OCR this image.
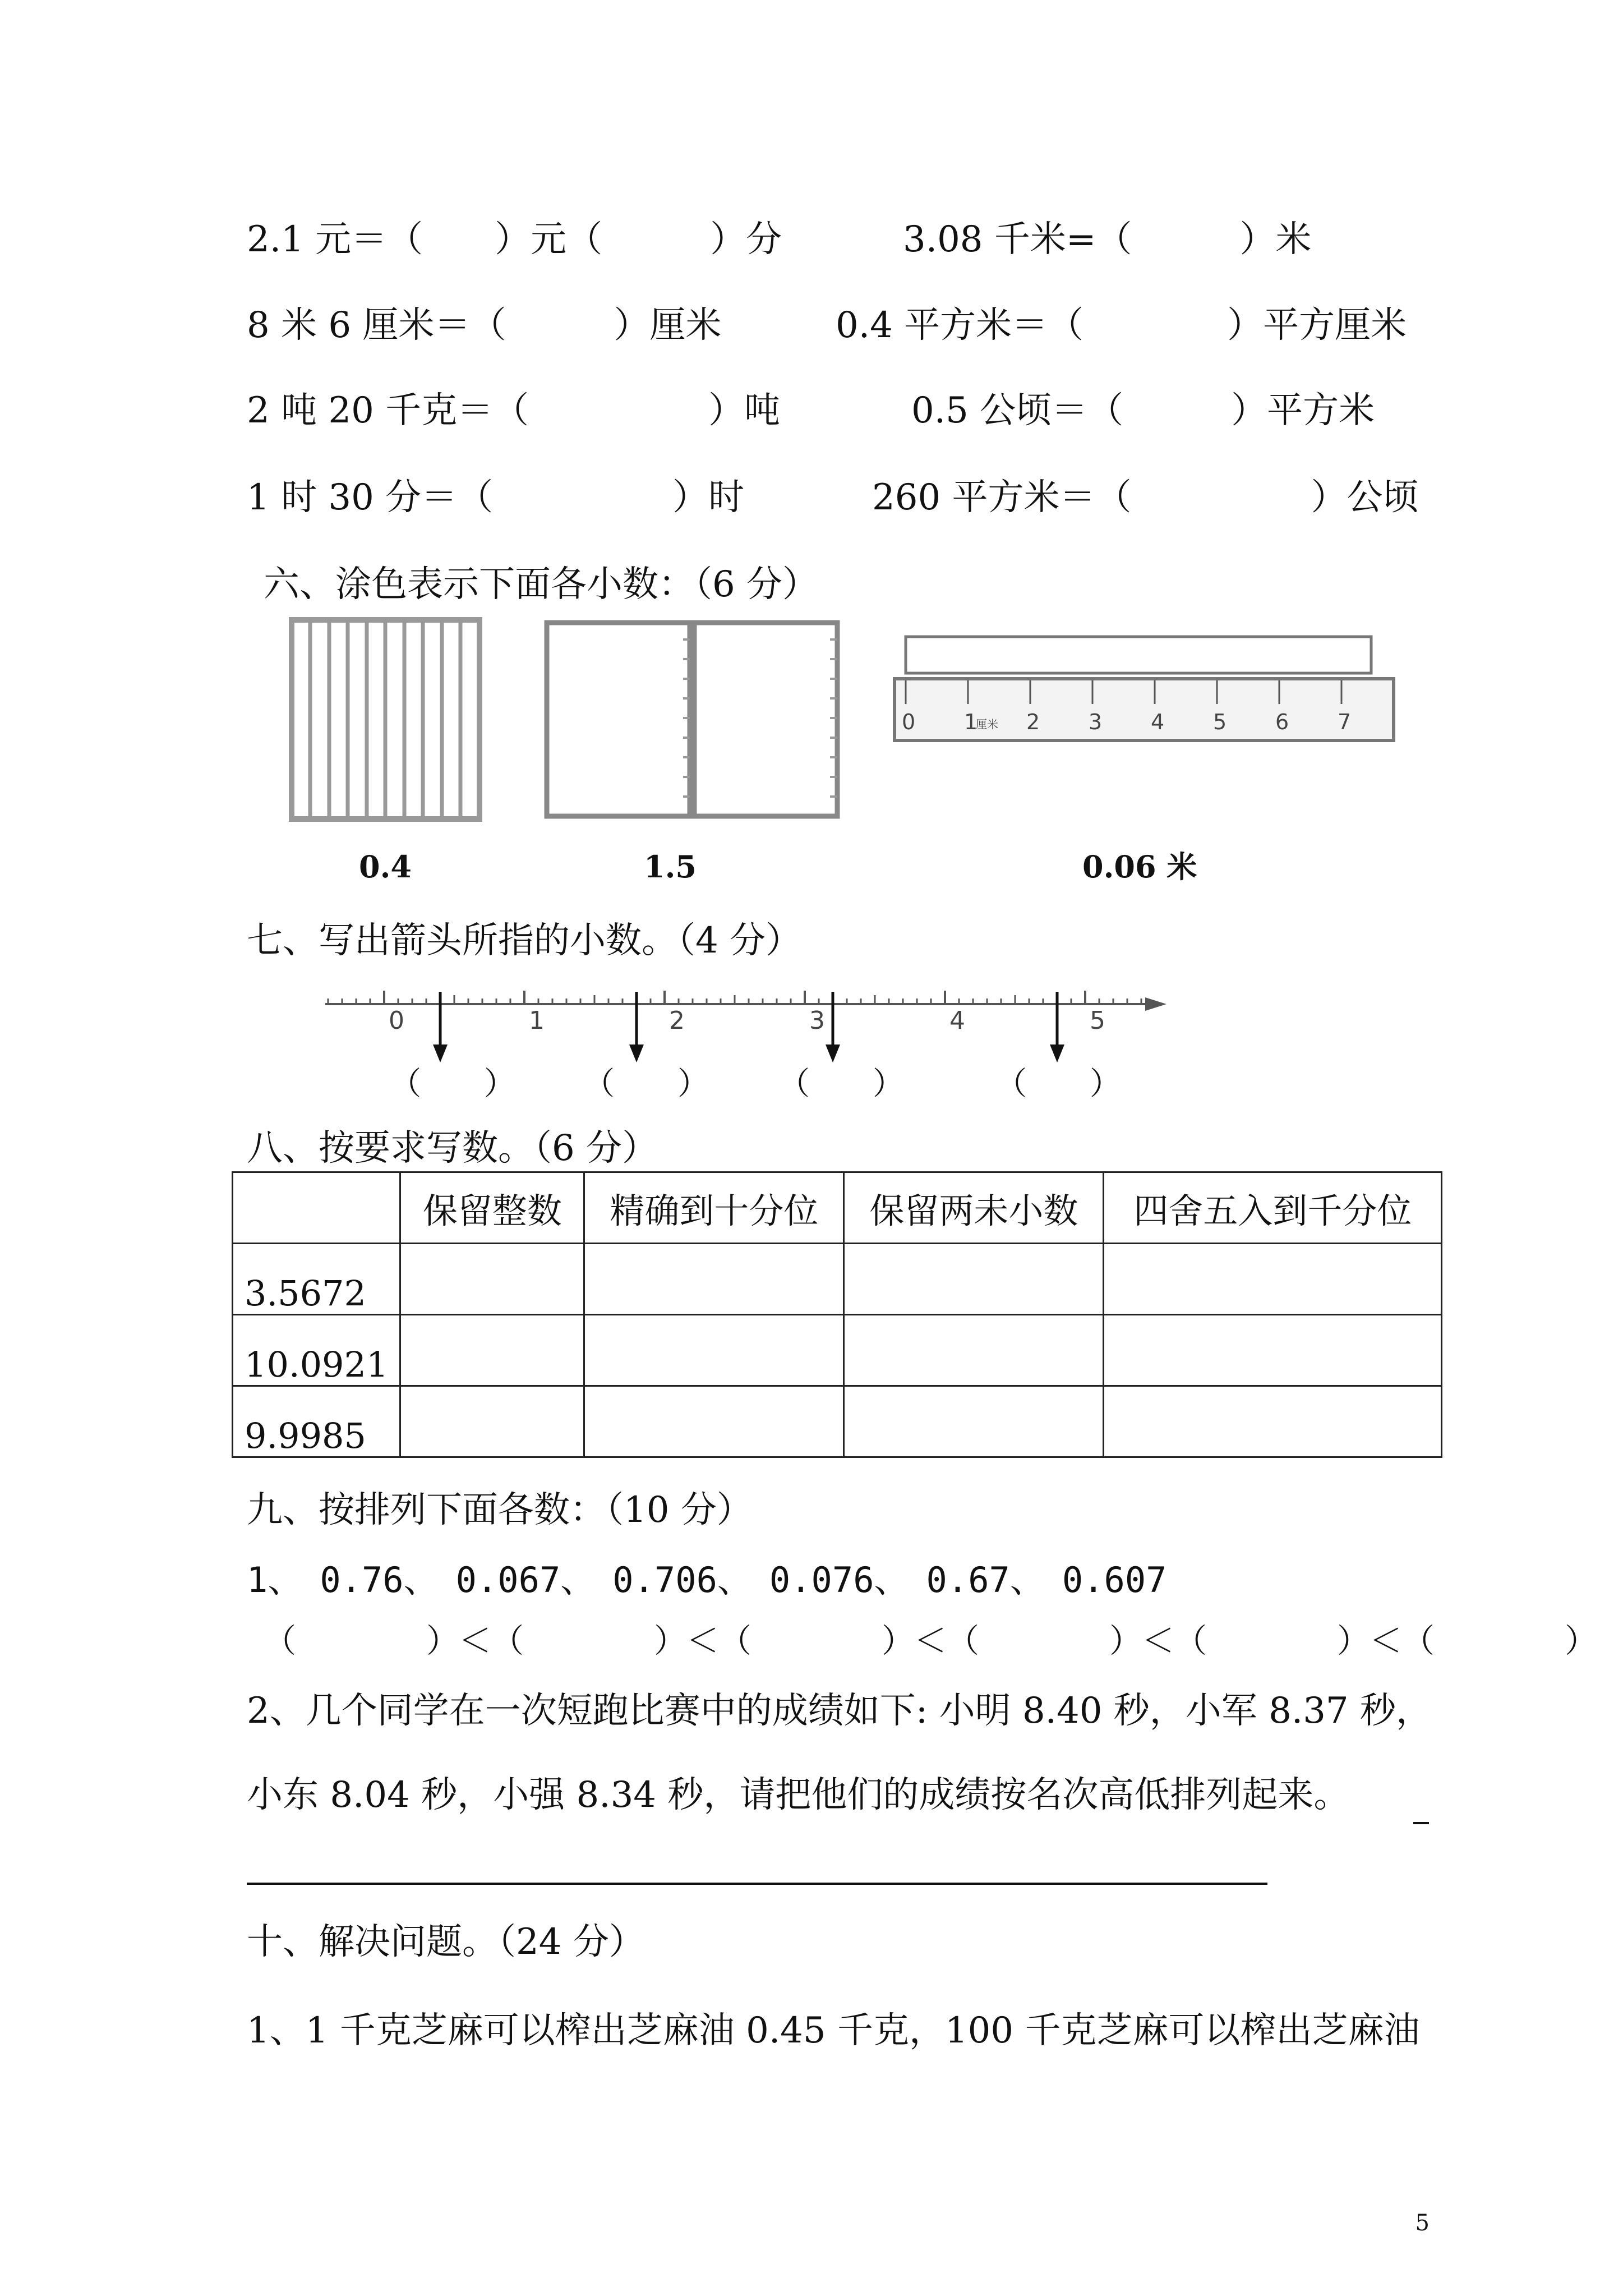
2.1 元＝（　　）元（　　　）分	3.08 千米=（　　　）米
8 米 6 厘米＝（　　　）厘米	0.4 平方米＝（　　　　）平方厘米
2 吨 20 千克＝（　　　　　）吨	0.5 公顷＝（　　　）平方米
1 时 30 分＝（　　　　　）时	260 平方米＝（　　　　　）公顷
六、涂色表示下面各小数：（6 分）
0 1
厘米 2 3 4 5 6 7
0.4	1.5	0.06 米
七、写出箭头所指的小数。（4 分）
0	1	2	3	4	5
（　　） （　　） （　　）	（　　）
八、按要求写数。（6 分）
	保留整数	精确到十分位	保留两未小数	四舍五入到千分位
3.5672				
10.0921				
9.9985				
九、按排列下面各数：（10 分）
1、　0.76、　0.067、　0.706、　0.076、　0.67、　0.607
（　　　　）＜（　　　　）＜（　　　　）＜（　　　　）＜（　　　　）＜（　　　　）
2、几个同学在一次短跑比赛中的成绩如下: 小明 8.40 秒，小军 8.37 秒，
小东 8.04 秒，小强 8.34 秒，请把他们的成绩按名次高低排列起来。
十、解决问题。（24 分）
1、1 千克芝麻可以榨出芝麻油 0.45 千克，100 千克芝麻可以榨出芝麻油
5
